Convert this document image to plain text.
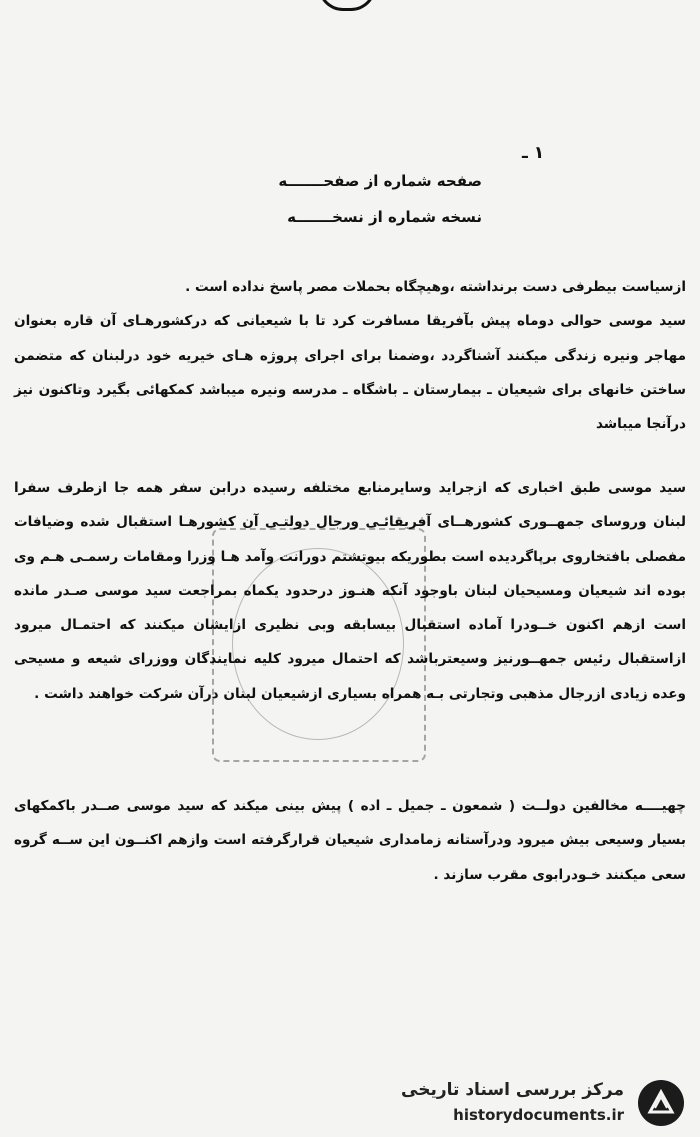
۱ ـ
صفحه شماره از صفحـــــــه
نسخه شماره از نسخـــــــه

ازسیاست بیطرفی دست برنداشته ،وهیچگاه بحملات مصر پاسخ نداده است .
سید موسی حوالی دوماه پیش بآفریقا مسافرت کرد تا با شیعیانی که درکشورهـای آن قاره بعنوان مهاجر ونیره زندگی میکنند آشناگردد ،وضمنا برای اجرای پروژه هـای خیریه خود درلبنان که متضمن ساختن خانهای برای شیعیان ـ بیمارستان ـ باشگاه ـ مدرسه ونیره میباشد کمکهائی بگیرد وتاکنون نیز درآنجا میباشد

سید موسی طبق اخباری که ازجراید وسایرمنابع مختلفه رسیده درابن سفر همه جا ازطرف سفرا لبنان وروسای جمهــوری کشورهــای آفریقائـی ورجال دولتـی آن کشورهـا استقبال شده وضیافات مفصلی بافتخاروی برپاگردیده است بطوریکه بیوتشتم دورانت وآمد هـا وزرا ومقامات رسمـی هـم وی بوده اند شیعیان ومسیحیان لبنان باوجود آنکه هنـوز درحدود یکماه بمراجعت سید موسی صـدر مانده است ازهم اکنون خــودرا آماده استقبال بیسابقه وبی نظیری ازایشان میکنند که احتمـال میرود ازاستقبال رئیس جمهــورنیز وسیعترباشد که احتمال میرود کلیه نمایندگان ووزرای شیعه و مسیحی وعده زیادی ازرجال مذهبی وتجارتی بـه همراه بسیاری ازشیعیان لبنان درآن شرکت خواهند داشت .

چهیــــه مخالفین دولــت ( شمعون ـ جمیل ـ اده ) پیش بینی میکند که سید موسی صــدر باکمکهای بسیار وسیعی بیش میرود ودرآستانه زمامداری شیعیان قرارگرفته است وازهم اکنــون این ســه گروه سعی میکنند خـودرابوی مقرب سازند .

مرکز بررسی اسناد تاریخی
historydocuments.ir
